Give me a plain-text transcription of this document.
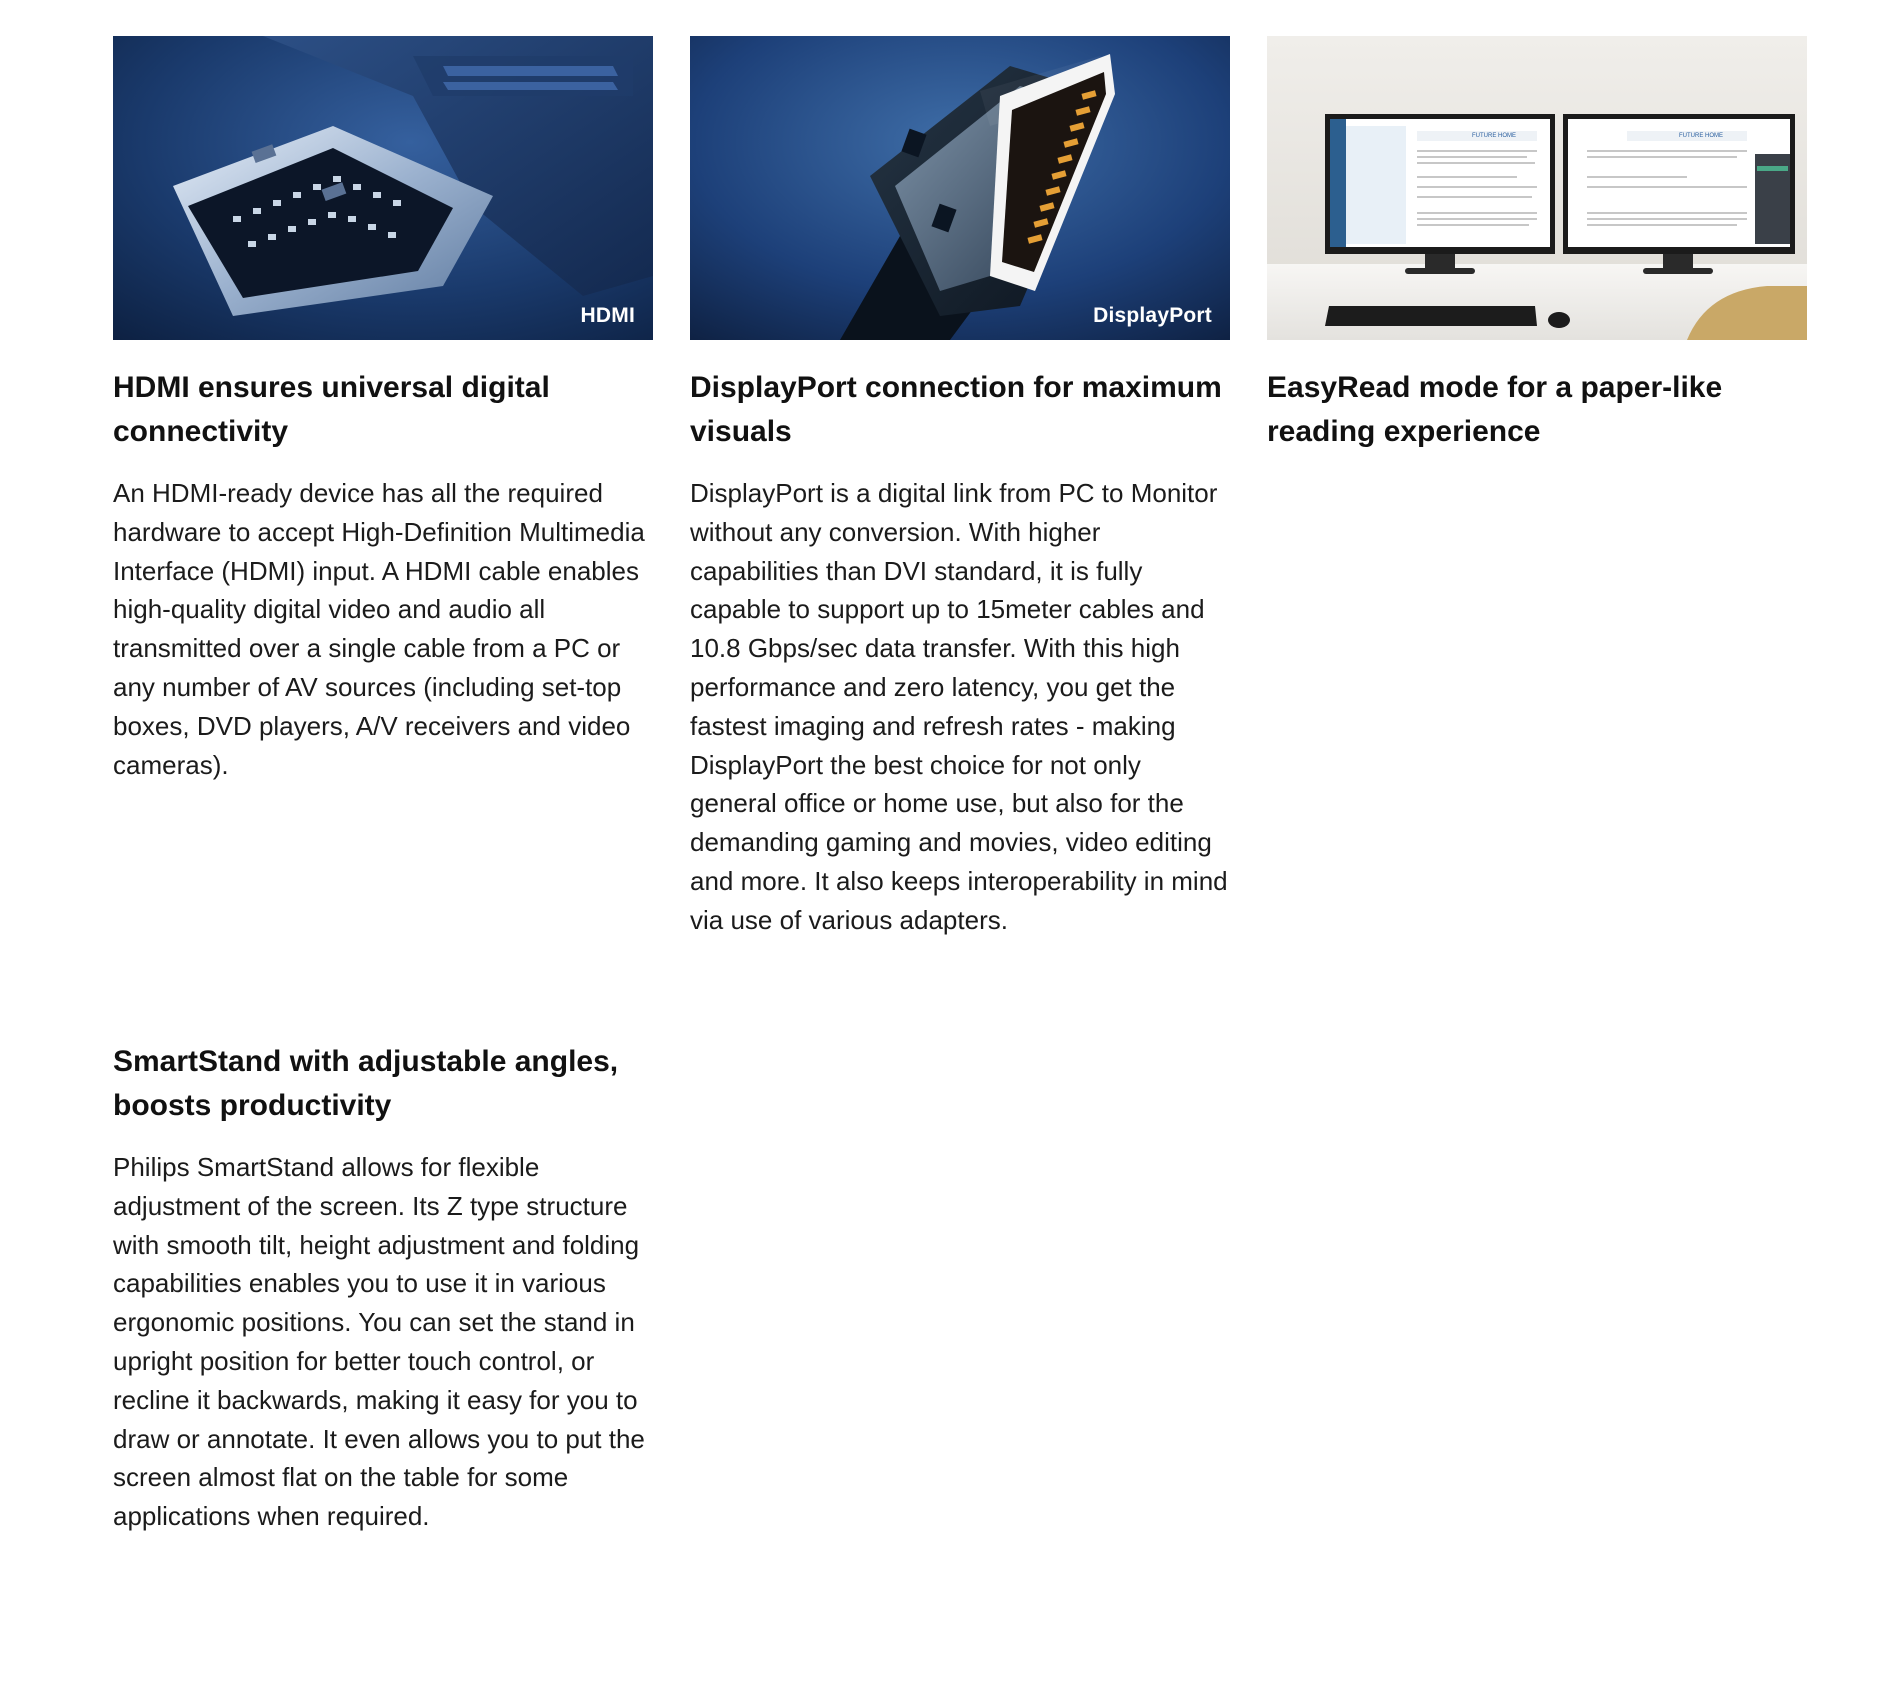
HDMI
HDMI ensures universal digital connectivity
An HDMI-ready device has all the required hardware to accept High-Definition Multimedia Interface (HDMI) input. A HDMI cable enables high-quality digital video and audio all transmitted over a single cable from a PC or any number of AV sources (including set-top boxes, DVD players, A/V receivers and video cameras).
DisplayPort
DisplayPort connection for maximum visuals
DisplayPort is a digital link from PC to Monitor without any conversion. With higher capabilities than DVI standard, it is fully capable to support up to 15meter cables and 10.8 Gbps/sec data transfer. With this high performance and zero latency, you get the fastest imaging and refresh rates - making DisplayPort the best choice for not only general office or home use, but also for the demanding gaming and movies, video editing and more. It also keeps interoperability in mind via use of various adapters.
FUTURE HOME	FUTURE HOME
EasyRead mode for a paper-like reading experience
SmartStand with adjustable angles, boosts productivity
Philips SmartStand allows for flexible adjustment of the screen. Its Z type structure with smooth tilt, height adjustment and folding capabilities enables you to use it in various ergonomic positions. You can set the stand in upright position for better touch control, or recline it backwards, making it easy for you to draw or annotate. It even allows you to put the screen almost flat on the table for some applications when required.
